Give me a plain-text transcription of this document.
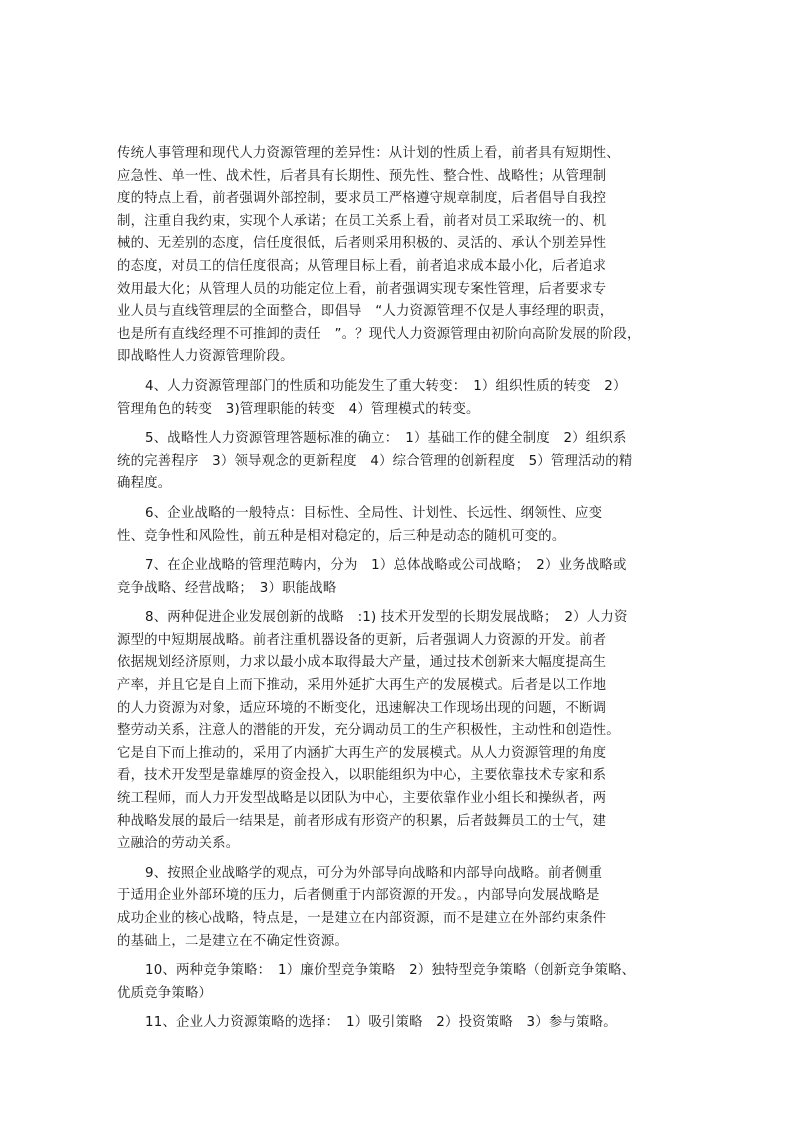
传统人事管理和现代人力资源管理的差异性：从计划的性质上看，前者具有短期性、
应急性、单一性、战术性，后者具有长期性、预先性、整合性、战略性；从管理制
度的特点上看，前者强调外部控制，要求员工严格遵守规章制度，后者倡导自我控
制，注重自我约束，实现个人承诺；在员工关系上看，前者对员工采取统一的、机
械的、无差别的态度，信任度很低，后者则采用积极的、灵活的、承认个别差异性
的态度，对员工的信任度很高；从管理目标上看，前者追求成本最小化，后者追求
效用最大化；从管理人员的功能定位上看，前者强调实现专案性管理，后者要求专
业人员与直线管理层的全面整合，即倡导　“人力资源管理不仅是人事经理的职责，
也是所有直线经理不可推卸的责任　”。？现代人力资源管理由初阶向高阶发展的阶段，
即战略性人力资源管理阶段。
4、人力资源管理部门的性质和功能发生了重大转变：　1）组织性质的转变　2）
管理角色的转变　3)管理职能的转变　4）管理模式的转变。
5、战略性人力资源管理答题标准的确立：　1）基础工作的健全制度　2）组织系
统的完善程序　3）领导观念的更新程度　4）综合管理的创新程度　5）管理活动的精
确程度。
6、企业战略的一般特点：目标性、全局性、计划性、长远性、纲领性、应变
性、竞争性和风险性，前五种是相对稳定的，后三种是动态的随机可变的。
7、在企业战略的管理范畴内，分为　1）总体战略或公司战略；　2）业务战略或
竞争战略、经营战略；　3）职能战略
8、两种促进企业发展创新的战略　:1) 技术开发型的长期发展战略；　2）人力资
源型的中短期展战略。前者注重机器设备的更新，后者强调人力资源的开发。前者
依据规划经济原则，力求以最小成本取得最大产量，通过技术创新来大幅度提高生
产率，并且它是自上而下推动，采用外延扩大再生产的发展模式。后者是以工作地
的人力资源为对象，适应环境的不断变化，迅速解决工作现场出现的问题，不断调
整劳动关系，注意人的潜能的开发，充分调动员工的生产积极性，主动性和创造性。
它是自下而上推动的，采用了内涵扩大再生产的发展模式。从人力资源管理的角度
看，技术开发型是靠雄厚的资金投入，以职能组织为中心，主要依靠技术专家和系
统工程师，而人力开发型战略是以团队为中心，主要依靠作业小组长和操纵者，两
种战略发展的最后一结果是，前者形成有形资产的积累，后者鼓舞员工的士气，建
立融洽的劳动关系。
9、按照企业战略学的观点，可分为外部导向战略和内部导向战略。前者侧重
于适用企业外部环境的压力，后者侧重于内部资源的开发。，内部导向发展战略是
成功企业的核心战略，特点是，一是建立在内部资源，而不是建立在外部约束条件
的基础上，二是建立在不确定性资源。
10、两种竞争策略：　1）廉价型竞争策略　2）独特型竞争策略（创新竞争策略、
优质竞争策略）
11、企业人力资源策略的选择：　1）吸引策略　2）投资策略　3）参与策略。
